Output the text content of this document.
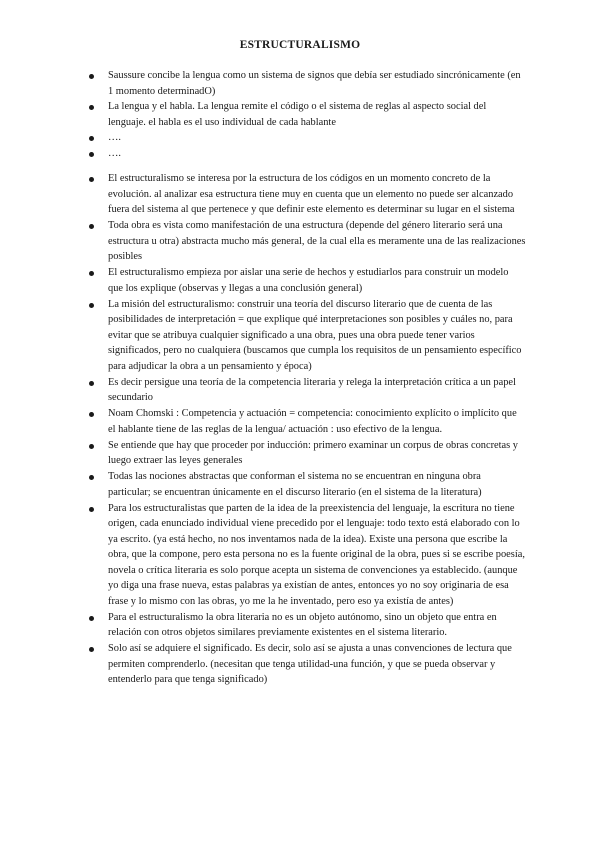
ESTRUCTURALISMO
Saussure concibe la lengua como un sistema de signos que debía ser estudiado sincrónicamente (en 1 momento determinadO)
La lengua y el habla. La lengua remite el código o el sistema de reglas al aspecto social del lenguaje. el habla es el uso individual de cada hablante
….
….
El estructuralismo se interesa por la estructura de los códigos en un momento concreto de la evolución. al analizar esa estructura tiene muy en cuenta que un elemento no puede ser alcanzado fuera del sistema al que pertenece y que definir este elemento es determinar su lugar en el sistema
Toda obra es vista como manifestación de una estructura (depende del género literario será una estructura u otra) abstracta mucho más general, de la cual ella es meramente una de las realizaciones posibles
El estructuralismo empieza por aislar una serie de hechos y estudiarlos para construir un modelo que los explique (observas y llegas a una conclusión general)
La misión del estructuralismo: construir una teoría del discurso literario que de cuenta de las posibilidades de interpretación = que explique qué interpretaciones son posibles y cuáles no, para evitar que se atribuya cualquier significado a una obra, pues una obra puede tener varios significados, pero no cualquiera (buscamos que cumpla los requisitos de un pensamiento específico para adjudicar la obra a un pensamiento y época)
Es decir persigue una teoría de la competencia literaria y relega la interpretación crítica a un papel secundario
Noam Chomski : Competencia y actuación = competencia: conocimiento explícito o implícito que el hablante tiene de las reglas de la lengua/ actuación : uso efectivo de la lengua.
Se entiende que hay que proceder por inducción: primero examinar un corpus de obras concretas y luego extraer las leyes generales
Todas las nociones abstractas que conforman el sistema no se encuentran en ninguna obra particular; se encuentran únicamente en el discurso literario (en el sistema de la literatura)
Para los estructuralistas que parten de la idea de la preexistencia del lenguaje, la escritura no tiene origen, cada enunciado individual viene precedido por el lenguaje: todo texto está elaborado con lo ya escrito. (ya está hecho, no nos inventamos nada de la idea). Existe una persona que escribe la obra, que la compone, pero esta persona no es la fuente original de la obra, pues si se escribe poesía, novela o crítica literaria es solo porque acepta un sistema de convenciones ya establecido. (aunque yo diga una frase nueva, estas palabras ya existían de antes, entonces yo no soy originaria de esa frase y lo mismo con las obras, yo me la he inventado, pero eso ya existía de antes)
Para el estructuralismo la obra literaria no es un objeto autónomo, sino un objeto que entra en relación con otros objetos similares previamente existentes en el sistema literario.
Solo así se adquiere el significado. Es decir, solo así se ajusta a unas convenciones de lectura que permiten comprenderlo. (necesitan que tenga utilidad-una función, y que se pueda observar y entenderlo para que tenga significado)
